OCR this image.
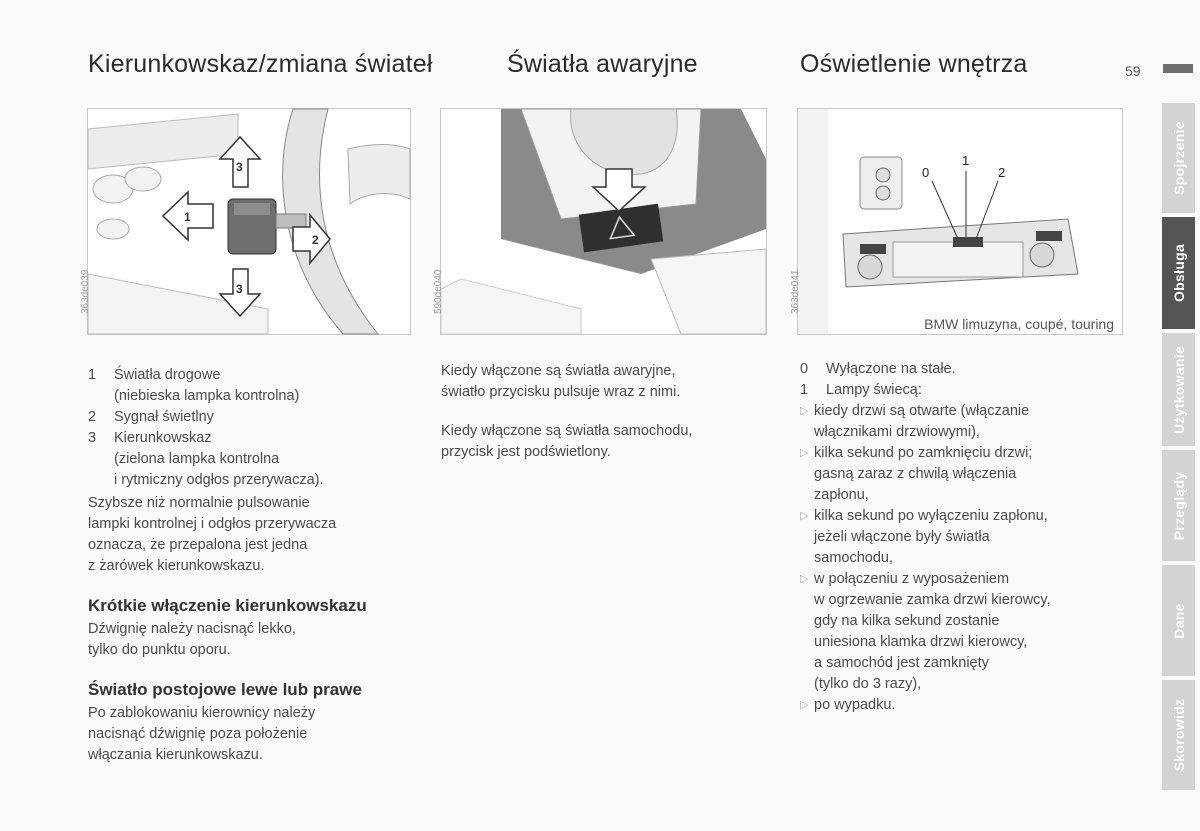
Kierunkowskaz/zmiana świateł	Światła awaryjne	Oświetlenie wnętrza	59
3
1
2
3
363de039	590de040
0
1
2
BMW limuzyna, coupé, touring
363de041
1 Światła drogowe

(niebieska lampka kontrolna)

2 Sygnał świetlny

3 Kierunkowskaz

(zielona lampka kontrolna

i rytmiczny odgłos przerywacza).

Szybsze niż normalnie pulsowanie

lampki kontrolnej i odgłos przerywacza

oznacza, że przepalona jest jedna

z żarówek kierunkowskazu.

Krótkie włączenie kierunkowskazu

Dźwignię należy nacisnąć lekko,

tylko do punktu oporu.

Światło postojowe lewe lub prawe

Po zablokowaniu kierownicy należy

nacisnąć dźwignię poza położenie

włączania kierunkowskazu.

Kiedy włączone są światła awaryjne,

światło przycisku pulsuje wraz z nimi.

Kiedy włączone są światła samochodu,

przycisk jest podświetlony.

0 Wyłączone na stałe.

1 Lampy świecą:

▷ kiedy drzwi są otwarte (włączanie

włącznikami drzwiowymi),

▷ kilka sekund po zamknięciu drzwi;

gasną zaraz z chwilą włączenia

zapłonu,

▷ kilka sekund po wyłączeniu zapłonu,

jeżeli włączone były światła

samochodu,

▷ w połączeniu z wyposażeniem

w ogrzewanie zamka drzwi kierowcy,

gdy na kilka sekund zostanie

uniesiona klamka drzwi kierowcy,

a samochód jest zamknięty

(tylko do 3 razy),

▷ po wypadku.

Spojrzenie
Obsługa
Użytkowanie
Przeglądy
Dane
Skorowidz
